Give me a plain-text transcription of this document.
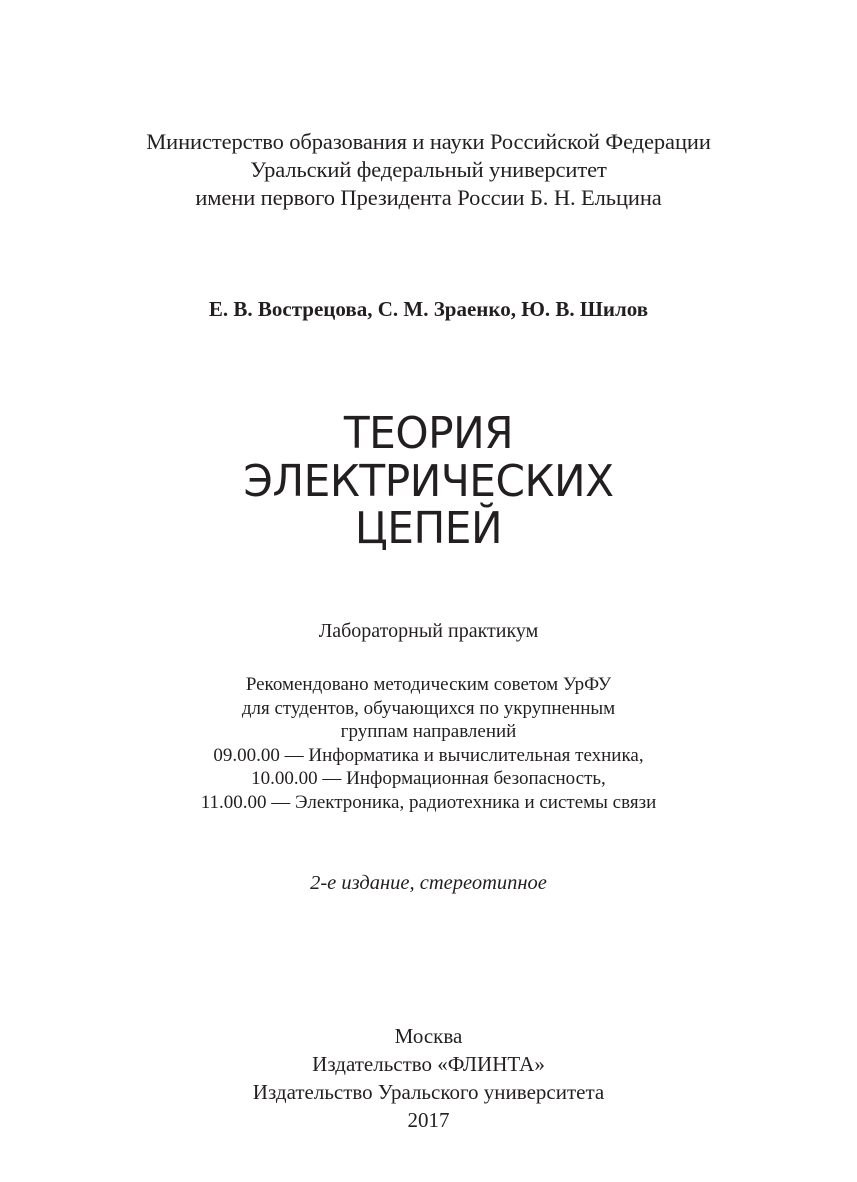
Министерство образования и науки Российской Федерации
Уральский федеральный университет
имени первого Президента России Б. Н. Ельцина
Е. В. Вострецова, С. М. Зраенко, Ю. В. Шилов
ТЕОРИЯ
ЭЛЕКТРИЧЕСКИХ
ЦЕПЕЙ
Лабораторный практикум
Рекомендовано методическим советом УрФУ
для студентов, обучающихся по укрупненным
группам направлений
09.00.00 — Информатика и вычислительная техника,
10.00.00 — Информационная безопасность,
11.00.00 — Электроника, радиотехника и системы связи
2-е издание, стереотипное
Москва
Издательство «ФЛИНТА»
Издательство Уральского университета
2017
